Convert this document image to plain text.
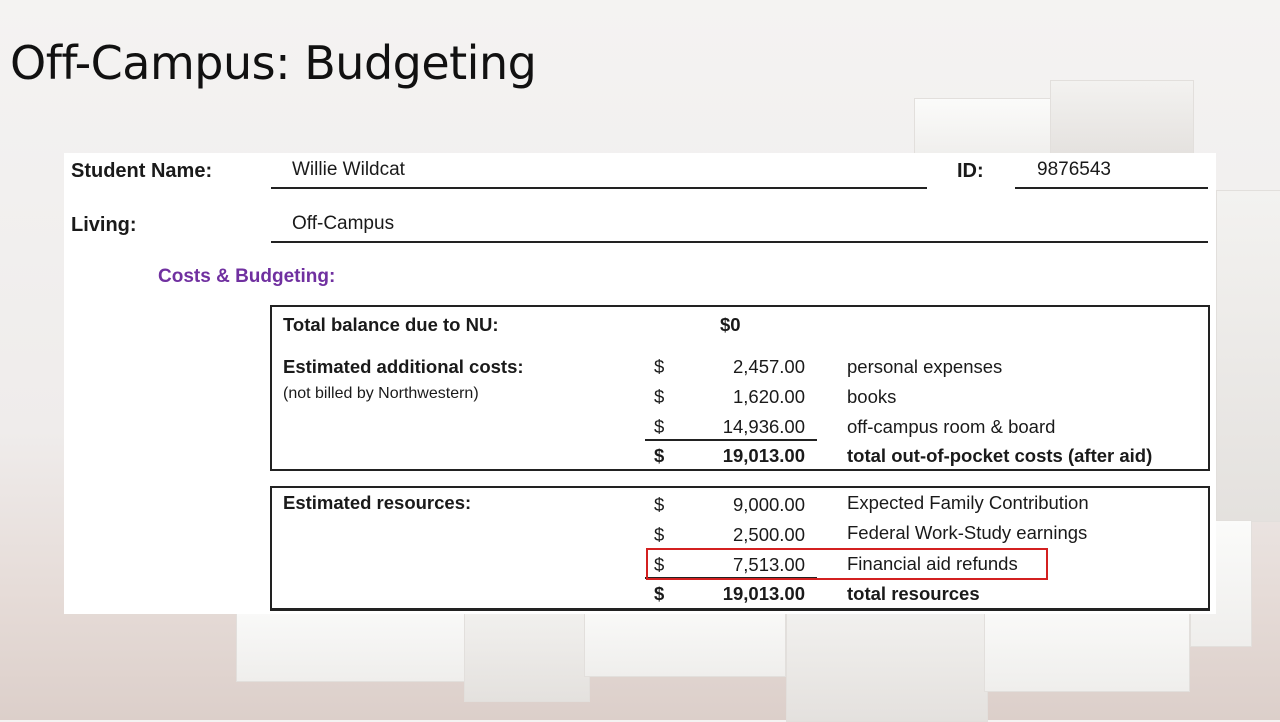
Off-Campus: Budgeting
Student Name:	Willie Wildcat	ID:	9876543
Living:	Off-Campus
Costs & Budgeting:
Total balance due to NU:	$0
Estimated additional costs:
(not billed by Northwestern)
$	2,457.00 personal expenses
$	1,620.00 books
$	14,936.00 off-campus room & board
$	19,013.00 total out-of-pocket costs (after aid)
Estimated resources:	$	9,000.00 Expected Family Contribution
$	2,500.00 Federal Work-Study earnings
$	7,513.00 Financial aid refunds
$	19,013.00 total resources
